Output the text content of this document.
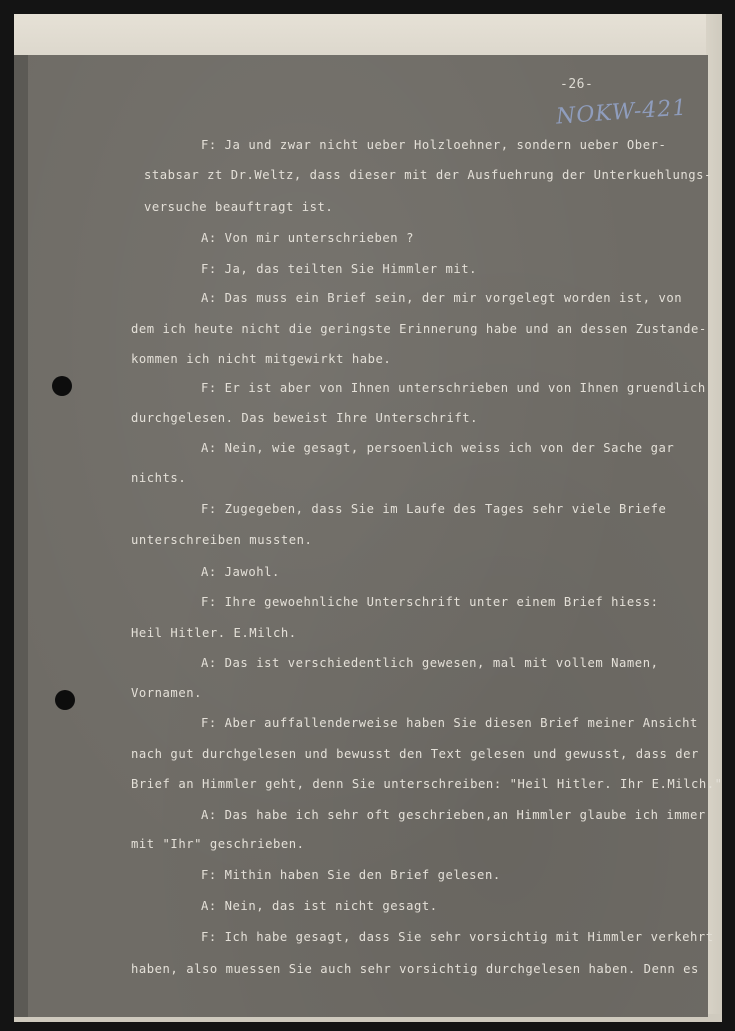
-26-
NOKW-421
F: Ja und zwar nicht ueber Holzloehner, sondern ueber Ober-
stabsar zt Dr.Weltz, dass dieser mit der Ausfuehrung der Unterkuehlungs-
versuche beauftragt ist.
A: Von mir unterschrieben ?
F: Ja, das teilten Sie Himmler mit.
A: Das muss ein Brief sein, der mir vorgelegt worden ist, von
dem ich heute nicht die geringste Erinnerung habe und an dessen Zustande-
kommen ich nicht mitgewirkt habe.
F: Er ist aber von Ihnen unterschrieben und von Ihnen gruendlich
durchgelesen. Das beweist Ihre Unterschrift.
A: Nein, wie gesagt, persoenlich weiss ich von der Sache gar
nichts.
F: Zugegeben, dass Sie im Laufe des Tages sehr viele Briefe
unterschreiben mussten.
A: Jawohl.
F: Ihre gewoehnliche Unterschrift unter einem Brief hiess:
Heil Hitler. E.Milch.
A: Das ist verschiedentlich gewesen, mal mit vollem Namen,
Vornamen.
F: Aber auffallenderweise haben Sie diesen Brief meiner Ansicht
nach gut durchgelesen und bewusst den Text gelesen und gewusst, dass der
Brief an Himmler geht, denn Sie unterschreiben: "Heil Hitler. Ihr E.Milch."
A: Das habe ich sehr oft geschrieben,an Himmler glaube ich immer
mit "Ihr" geschrieben.
F: Mithin haben Sie den Brief gelesen.
A: Nein, das ist nicht gesagt.
F: Ich habe gesagt, dass Sie sehr vorsichtig mit Himmler verkehrt
haben, also muessen Sie auch sehr vorsichtig durchgelesen haben. Denn es
